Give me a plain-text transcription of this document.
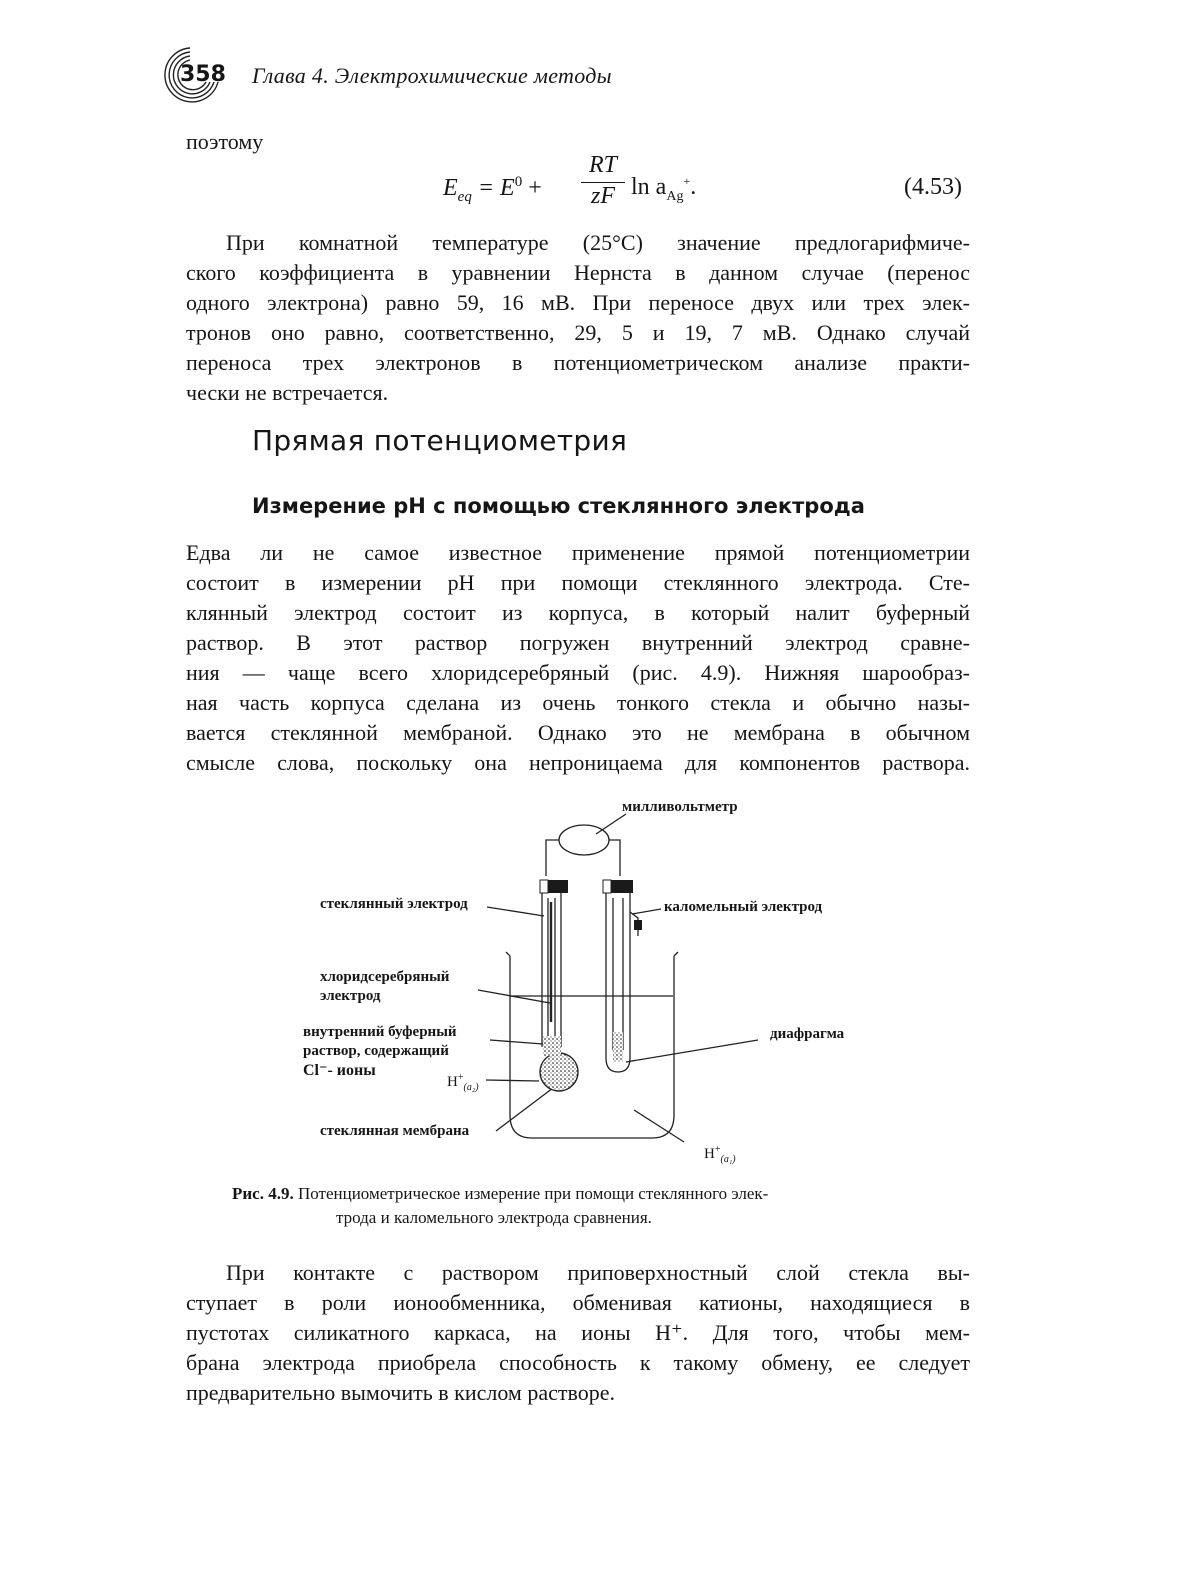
358 Глава 4. Электрохимические методы
поэтому
$E_{eq} = E^0$ +
RT
zF $\ln a_{Ag}^+$.	(4.53)
При комнатной температуре (25°C) значение предлогарифмиче-
ского коэффициента в уравнении Нернста в данном случае (перенос
одного электрона) равно 59, 16 мВ. При переносе двух или трех элек-
тронов оно равно, соответственно, 29, 5 и 19, 7 мВ. Однако случай
переноса трех электронов в потенциометрическом анализе практи-
чески не встречается.
Прямая потенциометрия
Измерение pH с помощью стеклянного электрода
Едва ли не самое известное применение прямой потенциометрии
состоит в измерении pH при помощи стеклянного электрода. Сте-
клянный электрод состоит из корпуса, в который налит буферный
раствор. В этот раствор погружен внутренний электрод сравне-
ния — чаще всего хлоридсеребряный (рис. 4.9). Нижняя шарообраз-
ная часть корпуса сделана из очень тонкого стекла и обычно назы-
вается стеклянной мембраной. Однако это не мембрана в обычном
смысле слова, поскольку она непроницаема для компонентов раствора.
милливольтметр
стеклянный электрод	каломельный электрод
хлоридсеребряный
электрод
внутренний буферный
раствор, содержащий
Cl⁻- ионы
$H^+_{(a_2)}$
диафрагма
стеклянная мембрана
$H^+_{(a_1)}$
Рис. 4.9. Потенциометрическое измерение при помощи стеклянного элек-
трода и каломельного электрода сравнения.
При контакте с раствором приповерхностный слой стекла вы-
ступает в роли ионообменника, обменивая катионы, находящиеся в
пустотах силикатного каркаса, на ионы H⁺. Для того, чтобы мем-
брана электрода приобрела способность к такому обмену, ее следует
предварительно вымочить в кислом растворе.
